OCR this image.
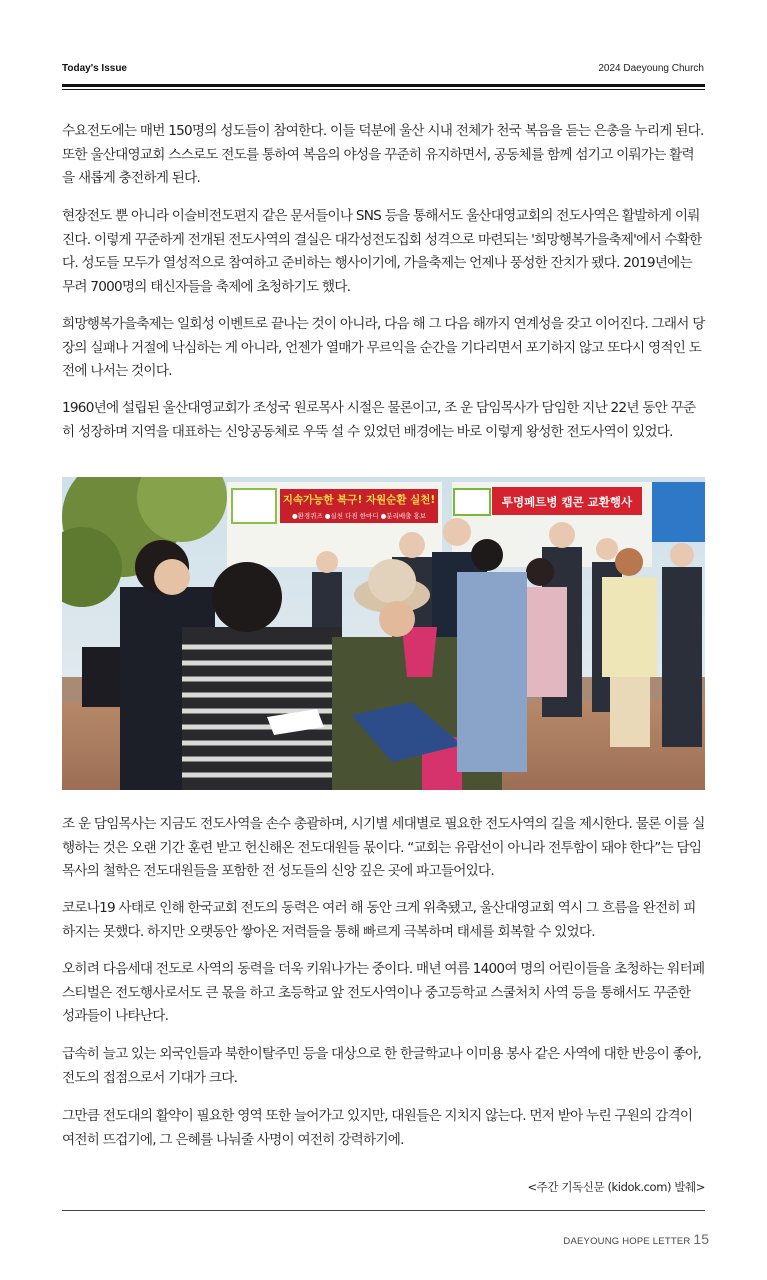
Today's Issue	2024 Daeyoung Church

수요전도에는 매번 150명의 성도들이 참여한다. 이들 덕분에 울산 시내 전체가 천국 복음을 듣는 은총을 누리게 된다. 또한 울산대영교회 스스로도 전도를 통하여 복음의 야성을 꾸준히 유지하면서, 공동체를 함께 섬기고 이뤄가는 활력을 새롭게 충전하게 된다.

현장전도 뿐 아니라 이슬비전도편지 같은 문서들이나 SNS 등을 통해서도 울산대영교회의 전도사역은 활발하게 이뤄진다. 이렇게 꾸준하게 전개된 전도사역의 결실은 대각성전도집회 성격으로 마련되는 '희망행복가을축제'에서 수확한다. 성도들 모두가 열성적으로 참여하고 준비하는 행사이기에, 가을축제는 언제나 풍성한 잔치가 됐다. 2019년에는 무려 7000명의 태신자들을 축제에 초청하기도 했다.

희망행복가을축제는 일회성 이벤트로 끝나는 것이 아니라, 다음 해 그 다음 해까지 연계성을 갖고 이어진다. 그래서 당장의 실패나 거절에 낙심하는 게 아니라, 언젠가 열매가 무르익을 순간을 기다리면서 포기하지 않고 또다시 영적인 도전에 나서는 것이다.

1960년에 설립된 울산대영교회가 조성국 원로목사 시절은 물론이고, 조 운 담임목사가 담임한 지난 22년 동안 꾸준히 성장하며 지역을 대표하는 신앙공동체로 우뚝 설 수 있었던 배경에는 바로 이렇게 왕성한 전도사역이 있었다.

지속가능한 복구! 자원순환 실천!
●환경퀴즈 ●실천 다짐 한마디 ●분리배출 홍보
투명페트병 캡콘 교환행사

조 운 담임목사는 지금도 전도사역을 손수 총괄하며, 시기별 세대별로 필요한 전도사역의 길을 제시한다. 물론 이를 실행하는 것은 오랜 기간 훈련 받고 헌신해온 전도대원들 몫이다. “교회는 유람선이 아니라 전투함이 돼야 한다”는 담임목사의 철학은 전도대원들을 포함한 전 성도들의 신앙 깊은 곳에 파고들어있다.

코로나19 사태로 인해 한국교회 전도의 동력은 여러 해 동안 크게 위축됐고, 울산대영교회 역시 그 흐름을 완전히 피하지는 못했다. 하지만 오랫동안 쌓아온 저력들을 통해 빠르게 극복하며 태세를 회복할 수 있었다.

오히려 다음세대 전도로 사역의 동력을 더욱 키워나가는 중이다. 매년 여름 1400여 명의 어린이들을 초청하는 워터페스티벌은 전도행사로서도 큰 몫을 하고 초등학교 앞 전도사역이나 중고등학교 스쿨처치 사역 등을 통해서도 꾸준한 성과들이 나타난다.

급속히 늘고 있는 외국인들과 북한이탈주민 등을 대상으로 한 한글학교나 이미용 봉사 같은 사역에 대한 반응이 좋아, 전도의 접점으로서 기대가 크다.

그만큼 전도대의 활약이 필요한 영역 또한 늘어가고 있지만, 대원들은 지치지 않는다. 먼저 받아 누린 구원의 감격이 여전히 뜨겁기에, 그 은혜를 나눠줄 사명이 여전히 강력하기에.

<주간 기독신문 (kidok.com) 발췌>
DAEYOUNG HOPE LETTER 15
